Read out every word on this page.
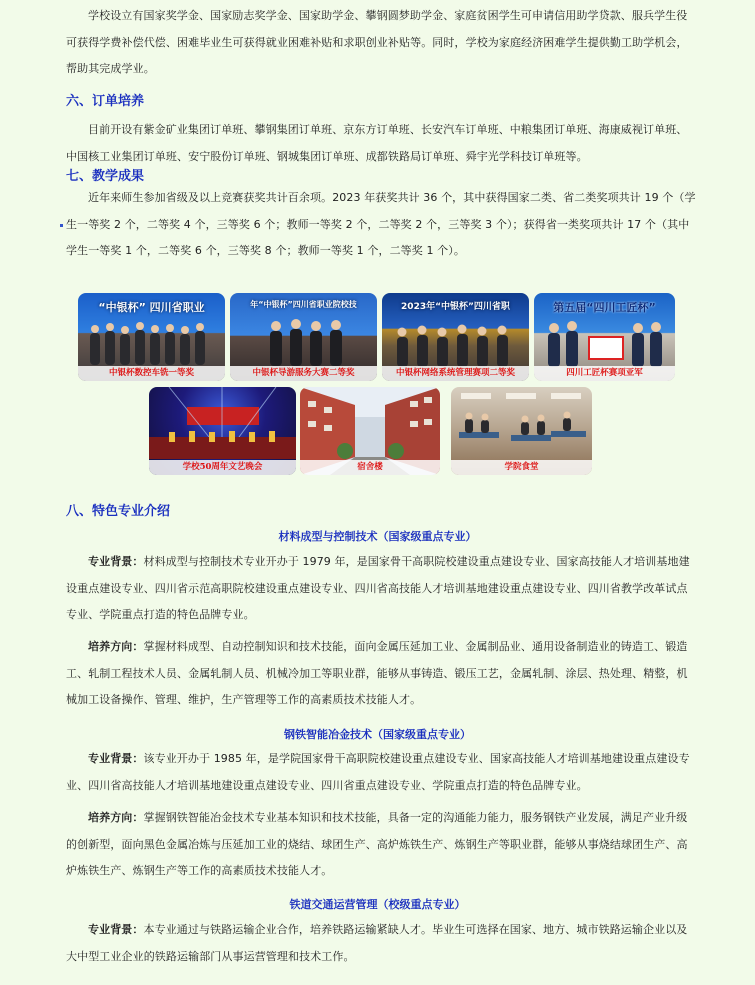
学校设立有国家奖学金、国家励志奖学金、国家助学金、攀钢圆梦助学金、家庭贫困学生可申请信用助学贷款、服兵学生役可获得学费补偿代偿、困难毕业生可获得就业困难补贴和求职创业补贴等。同时，学校为家庭经济困难学生提供勤工助学机会，帮助其完成学业。

六、订单培养

目前开设有紫金矿业集团订单班、攀钢集团订单班、京东方订单班、长安汽车订单班、中粮集团订单班、海康威视订单班、中国核工业集团订单班、安宁股份订单班、钢城集团订单班、成都铁路局订单班、舜宇光学科技订单班等。

七、教学成果

近年来师生参加省级及以上竞赛获奖共计百余项。2023 年获奖共计 36 个，其中获得国家二类、省二类奖项共计 19 个（学生一等奖 2 个，二等奖 4 个，三等奖 6 个；教师一等奖 2 个，二等奖 2 个，三等奖 3 个）；获得省一类奖项共计 17 个（其中学生一等奖 1 个，二等奖 6 个，三等奖 8 个；教师一等奖 1 个，二等奖 1 个）。

“中银杯” 四川省职业
中银杯数控车铣一等奖
年“中银杯”四川省职业院校技
中银杯导游服务大赛二等奖
2023年“中银杯”四川省职
中银杯网络系统管理赛项二等奖
第五届“四川工匠杯”
四川工匠杯赛项亚军
学校50周年文艺晚会	宿舍楼	学院食堂
八、特色专业介绍
材料成型与控制技术（国家级重点专业）

专业背景：材料成型与控制技术专业开办于 1979 年，是国家骨干高职院校建设重点建设专业、国家高技能人才培训基地建设重点建设专业、四川省示范高职院校建设重点建设专业、四川省高技能人才培训基地建设重点建设专业、四川省教学改革试点专业、学院重点打造的特色品牌专业。

培养方向：掌握材料成型、自动控制知识和技术技能，面向金属压延加工业、金属制品业、通用设备制造业的铸造工、锻造工、轧制工程技术人员、金属轧制人员、机械冷加工等职业群，能够从事铸造、锻压工艺，金属轧制、涂层、热处理、精整，机械加工设备操作、管理、维护，生产管理等工作的高素质技术技能人才。

钢铁智能冶金技术（国家级重点专业）

专业背景：该专业开办于 1985 年，是学院国家骨干高职院校建设重点建设专业、国家高技能人才培训基地建设重点建设专业、四川省高技能人才培训基地建设重点建设专业、四川省重点建设专业、学院重点打造的特色品牌专业。

培养方向：掌握钢铁智能冶金技术专业基本知识和技术技能，具备一定的沟通能力能力，服务钢铁产业发展，满足产业升级的创新型，面向黑色金属冶炼与压延加工业的烧结、球团生产、高炉炼铁生产、炼钢生产等职业群，能够从事烧结球团生产、高炉炼铁生产、炼钢生产等工作的高素质技术技能人才。

铁道交通运营管理（校级重点专业）

专业背景：本专业通过与铁路运输企业合作，培养铁路运输紧缺人才。毕业生可选择在国家、地方、城市铁路运输企业以及大中型工业企业的铁路运输部门从事运营管理和技术工作。
